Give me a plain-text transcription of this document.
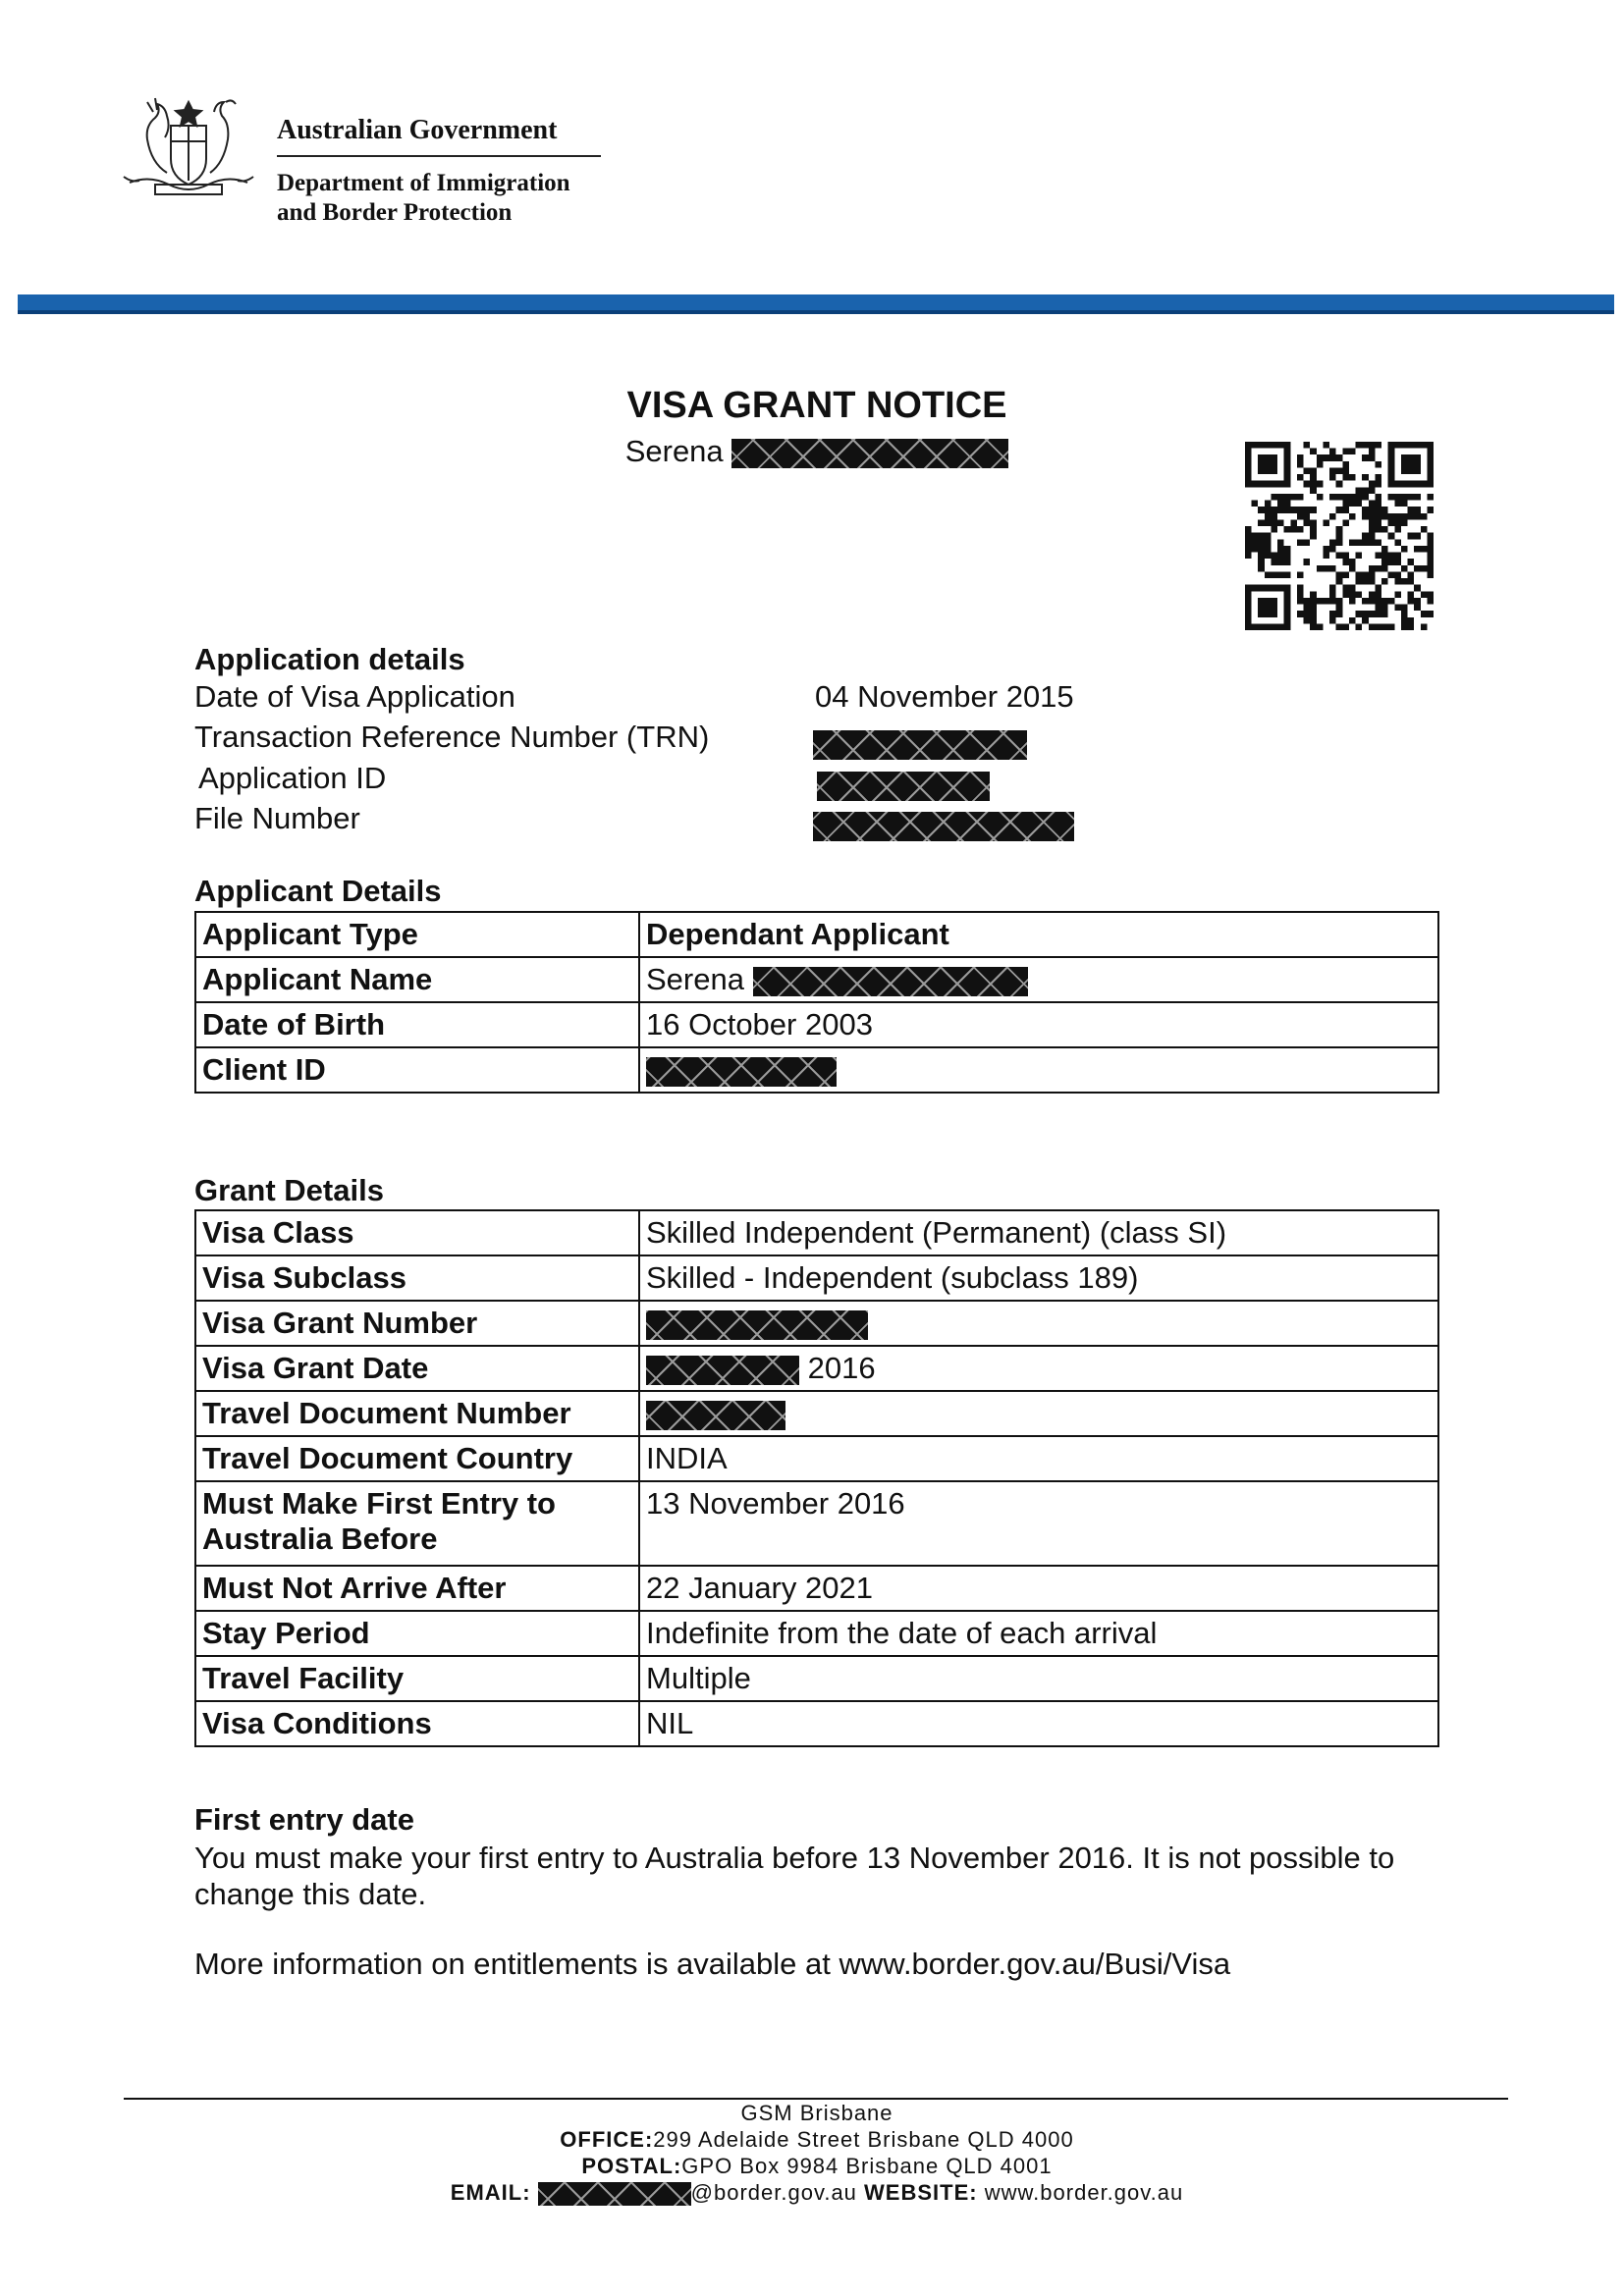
Australian Government
Department of Immigration
and Border Protection
VISA GRANT NOTICE
Serena
Application details
Date of Visa Application	04 November 2015
Transaction Reference Number (TRN)
Application ID
File Number
Applicant Details
Applicant Type	Dependant Applicant
Applicant Name	Serena
Date of Birth	16 October 2003
Client ID	
Grant Details
Visa Class	Skilled Independent (Permanent) (class SI)
Visa Subclass	Skilled - Independent (subclass 189)
Visa Grant Number	
Visa Grant Date	2016
Travel Document Number	
Travel Document Country	INDIA
Must Make First Entry to Australia Before	13 November 2016
Must Not Arrive After	22 January 2021
Stay Period	Indefinite from the date of each arrival
Travel Facility	Multiple
Visa Conditions	NIL
First entry date
You must make your first entry to Australia before 13 November 2016. It is not possible to change this date.
More information on entitlements is available at www.border.gov.au/Busi/Visa
GSM Brisbane
OFFICE:299 Adelaide Street Brisbane QLD 4000
POSTAL:GPO Box 9984 Brisbane QLD 4001
EMAIL:	@border.gov.au WEBSITE: www.border.gov.au
